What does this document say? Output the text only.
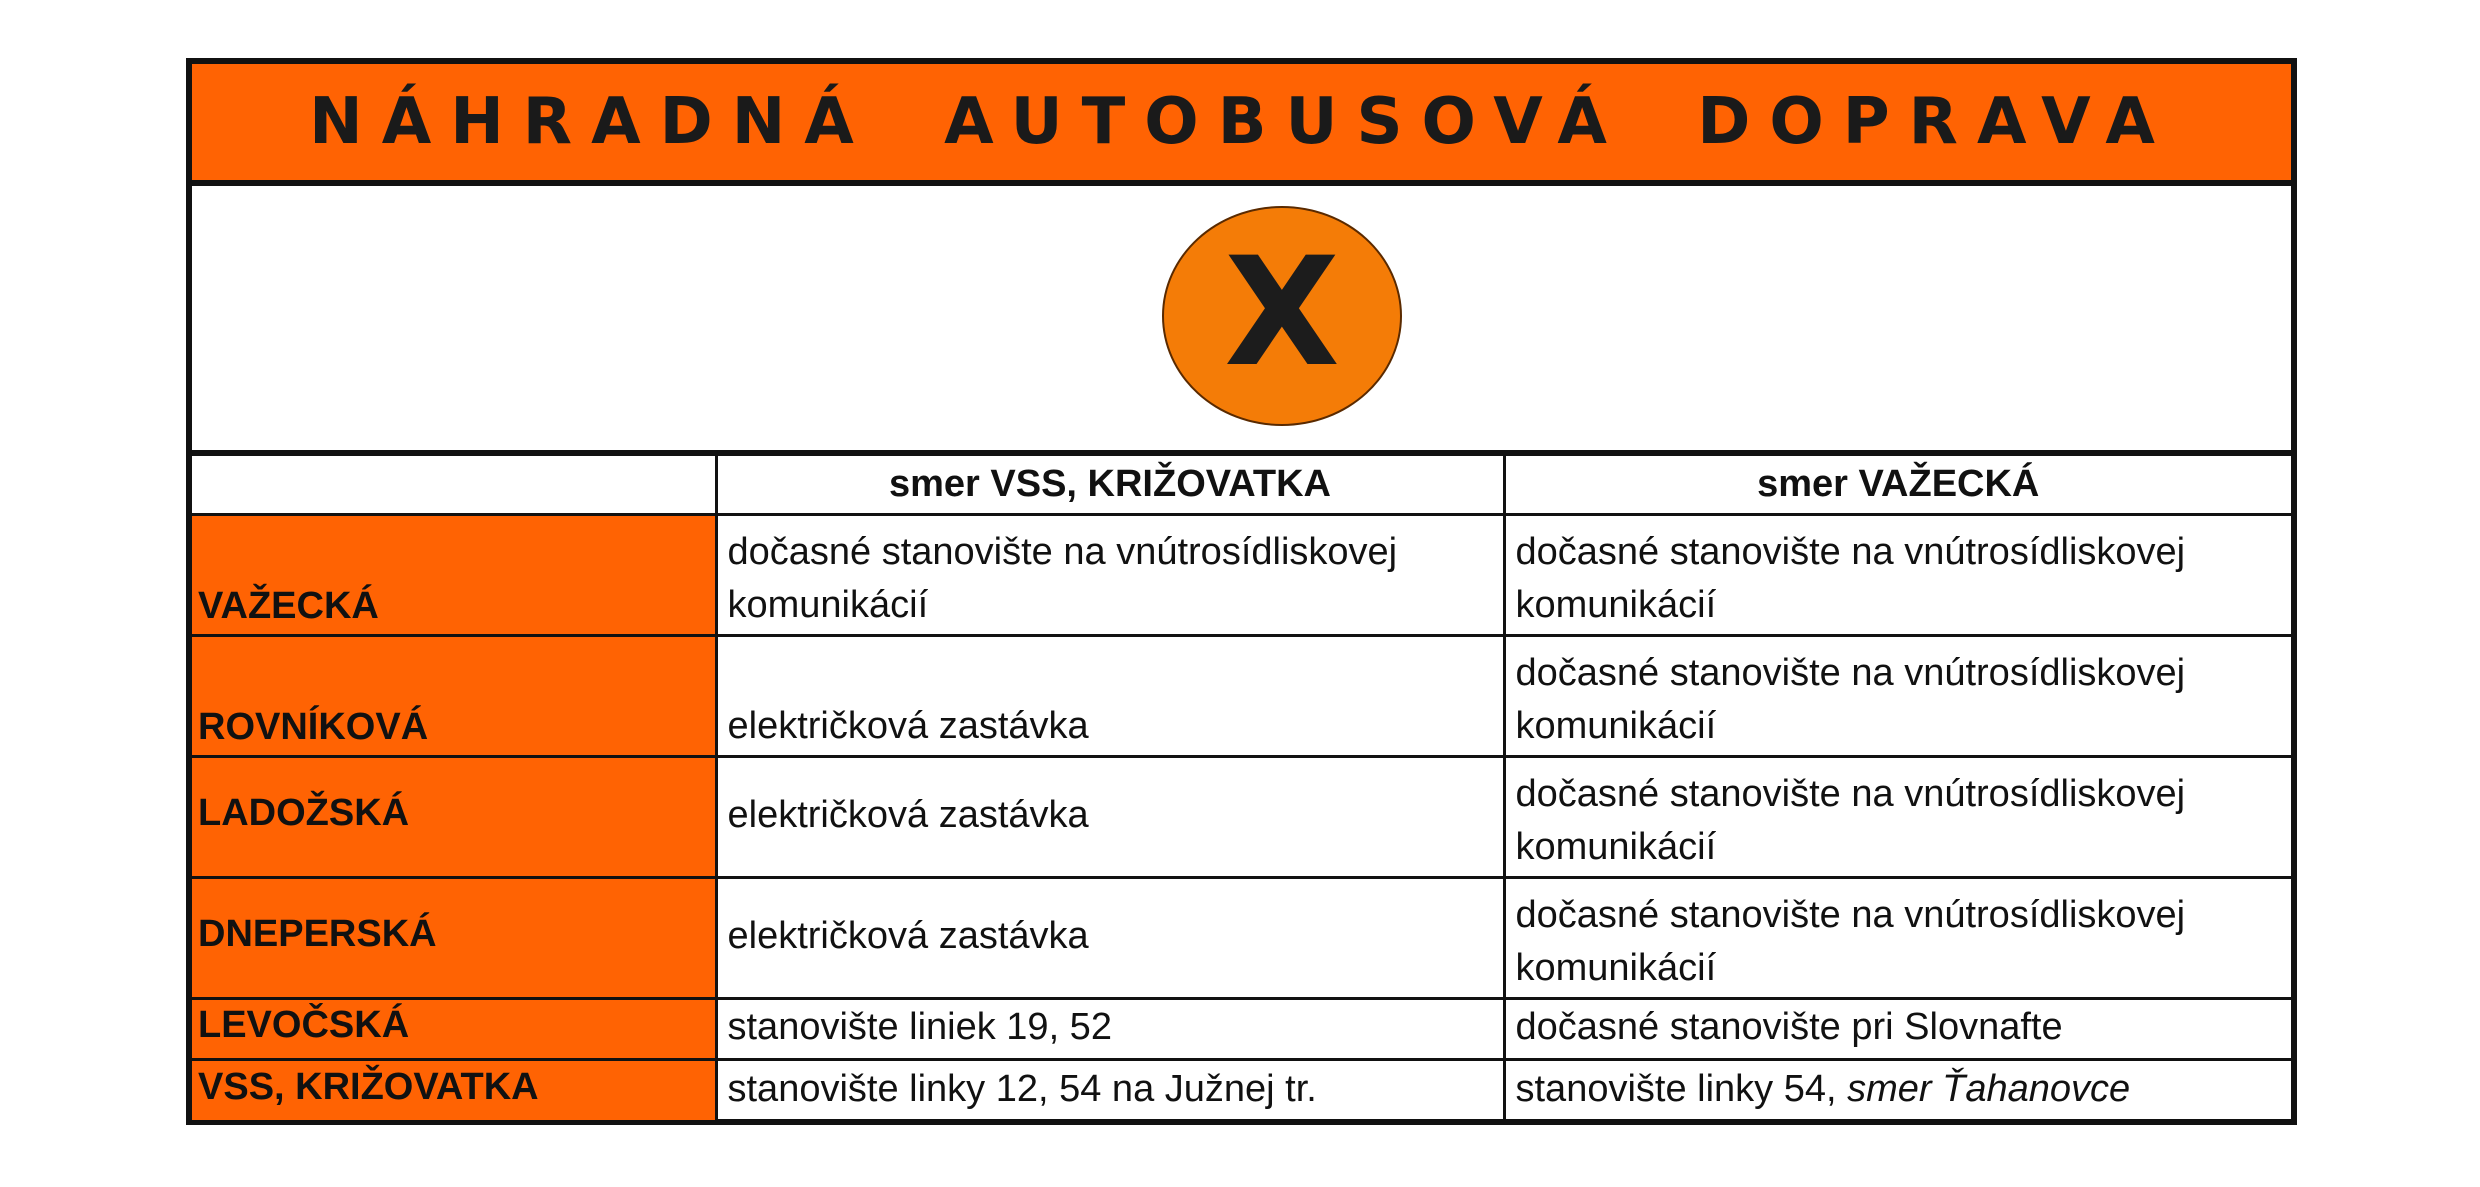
NÁHRADNÁ AUTOBUSOVÁ DOPRAVA
X
	smer VSS, KRIŽOVATKA	smer VAŽECKÁ
VAŽECKÁ	dočasné stanovište na vnútrosídliskovej komunikácií	dočasné stanovište na vnútrosídliskovej komunikácií
ROVNÍKOVÁ	električková zastávka	dočasné stanovište na vnútrosídliskovej komunikácií
LADOŽSKÁ	električková zastávka	dočasné stanovište na vnútrosídliskovej komunikácií
DNEPERSKÁ	električková zastávka	dočasné stanovište na vnútrosídliskovej komunikácií
LEVOČSKÁ	stanovište liniek 19, 52	dočasné stanovište pri Slovnafte
VSS, KRIŽOVATKA	stanovište linky 12, 54 na Južnej tr.	stanovište linky 54, smer Ťahanovce
